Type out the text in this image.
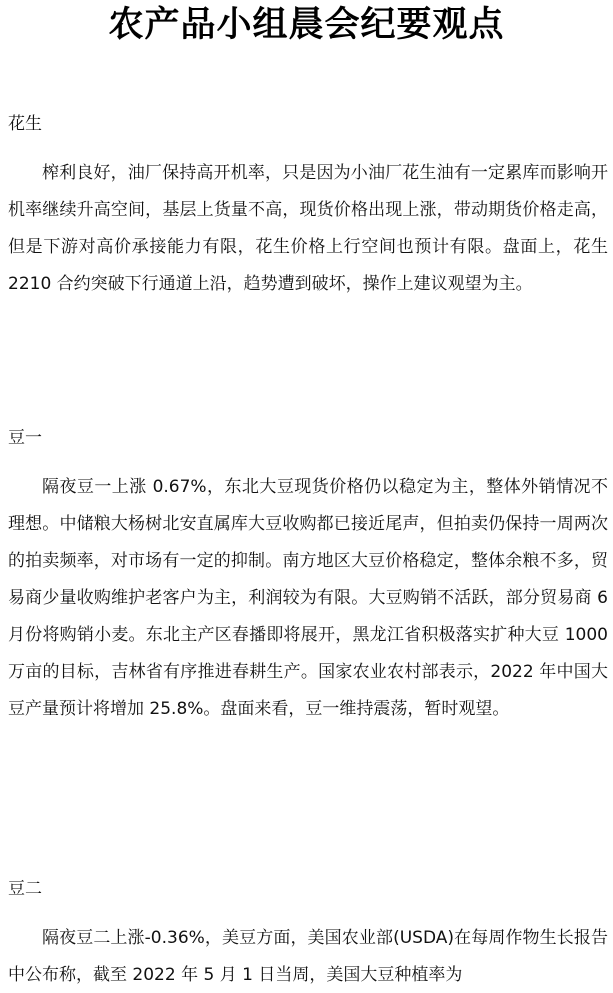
农产品小组晨会纪要观点

花生

榨利良好，油厂保持高开机率，只是因为小油厂花生油有一定累库而影响开机率继续升高空间，基层上货量不高，现货价格出现上涨，带动期货价格走高，但是下游对高价承接能力有限，花生价格上行空间也预计有限。盘面上，花生 2210 合约突破下行通道上沿，趋势遭到破坏，操作上建议观望为主。

豆一

隔夜豆一上涨 0.67%，东北大豆现货价格仍以稳定为主，整体外销情况不理想。中储粮大杨树北安直属库大豆收购都已接近尾声，但拍卖仍保持一周两次的拍卖频率，对市场有一定的抑制。南方地区大豆价格稳定，整体余粮不多，贸易商少量收购维护老客户为主，利润较为有限。大豆购销不活跃，部分贸易商 6 月份将购销小麦。东北主产区春播即将展开，黑龙江省积极落实扩种大豆 1000 万亩的目标，吉林省有序推进春耕生产。国家农业农村部表示，2022 年中国大豆产量预计将增加 25.8%。盘面来看，豆一维持震荡，暂时观望。

豆二

隔夜豆二上涨-0.36%，美豆方面，美国农业部(USDA)在每周作物生长报告中公布称，截至 2022 年 5 月 1 日当周，美国大豆种植率为
